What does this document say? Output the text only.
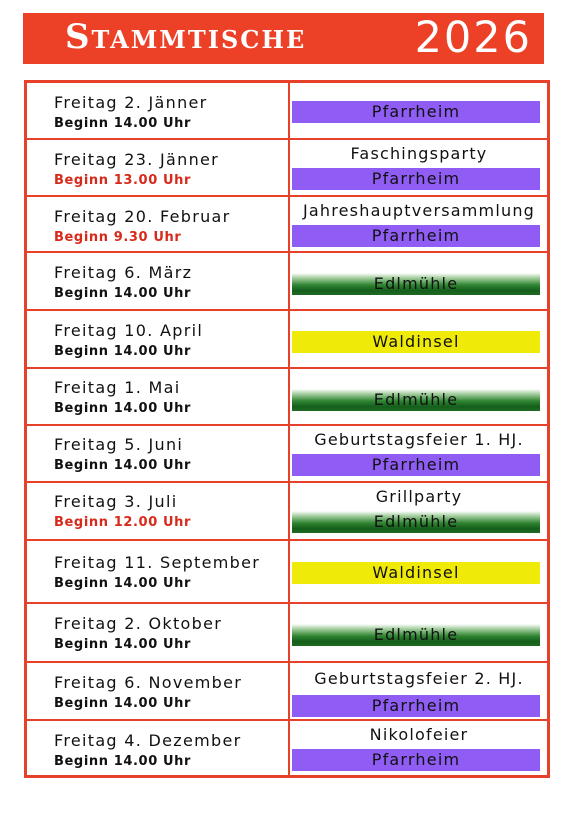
Stammtische	2026
Freitag 2. Jänner
Beginn 14.00 Uhr
Pfarrheim
Freitag 23. Jänner
Beginn 13.00 Uhr
Faschingsparty
Pfarrheim
Freitag 20. Februar
Beginn 9.30 Uhr
Jahreshauptversammlung
Pfarrheim
Freitag 6. März
Beginn 14.00 Uhr
Edlmühle
Freitag 10. April
Beginn 14.00 Uhr
Waldinsel
Freitag 1. Mai
Beginn 14.00 Uhr	Edlmühle
Freitag 5. Juni
Beginn 14.00 Uhr
Geburtstagsfeier 1. HJ.
Pfarrheim
Freitag 3. Juli
Beginn 12.00 Uhr
Grillparty
Edlmühle
Freitag 11. September
Beginn 14.00 Uhr
Waldinsel
Freitag 2. Oktober
Beginn 14.00 Uhr
Edlmühle
Freitag 6. November
Beginn 14.00 Uhr
Geburtstagsfeier 2. HJ.
Pfarrheim
Freitag 4. Dezember
Beginn 14.00 Uhr
Nikolofeier
Pfarrheim
